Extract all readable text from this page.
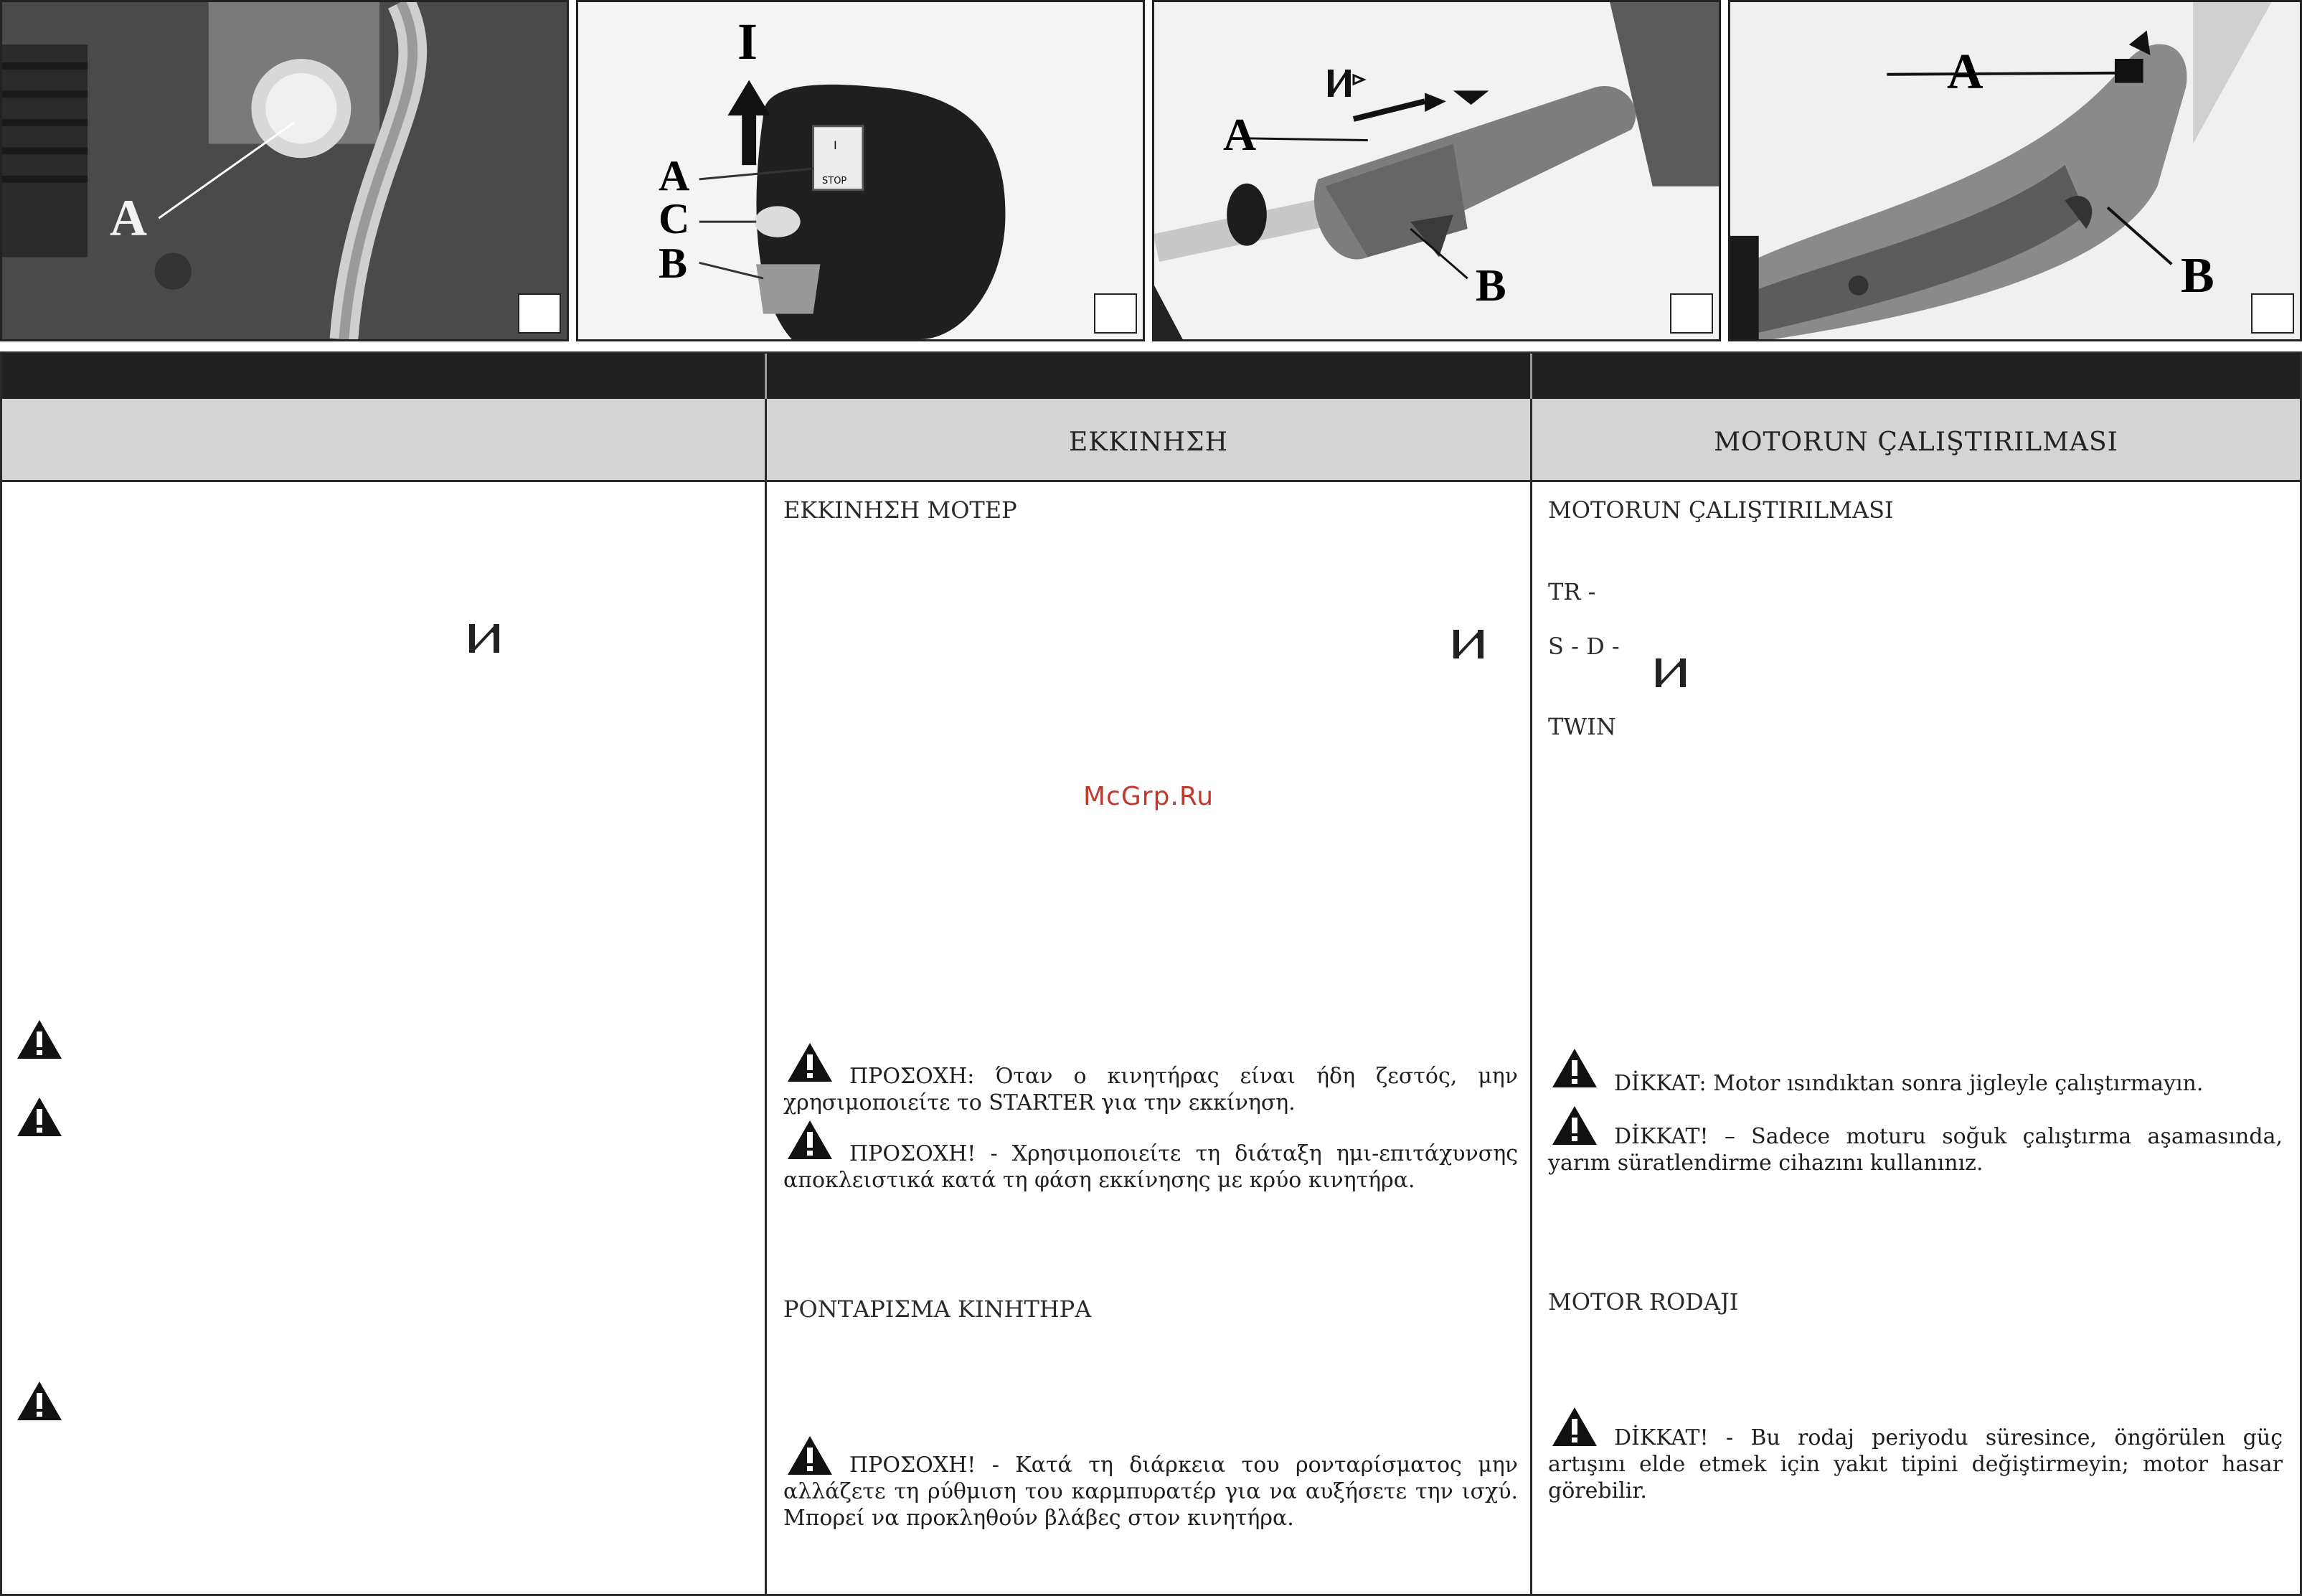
A
I
A
C
B
I
STOP
A
B
A
B
ΕΚΚΙΝΗΣΗ	MOTORUN ÇALIŞTIRILMASI
ΕΚΚΙΝΗΣΗ ΜΟΤΕΡ
McGrp.Ru
ΠΡΟΣΟΧΗ: Όταν ο κινητήρας είναι ήδη ζεστός, μην χρησιμοποιείτε το STARTER για την εκκίνηση.
ΠΡΟΣΟΧΗ! - Χρησιμοποιείτε τη διάταξη ημι-επιτάχυνσης αποκλειστικά κατά τη φάση εκκίνησης με κρύο κινητήρα.
ΡΟΝΤΑΡΙΣΜΑ ΚΙΝΗΤΗΡΑ
ΠΡΟΣΟΧΗ! - Κατά τη διάρκεια του ρονταρίσματος μην αλλάζετε τη ρύθμιση του καρμπυρατέρ για να αυξήσετε την ισχύ. Μπορεί να προκληθούν βλάβες στον κινητήρα.
MOTORUN ÇALIŞTIRILMASI
TR -
S - D -
TWIN
DİKKAT: Motor ısındıktan sonra jigleyle çalıştırmayın.
DİKKAT! – Sadece moturu soğuk çalıştırma aşamasında, yarım süratlendirme cihazını kullanınız.
MOTOR RODAJI
DİKKAT! - Bu rodaj periyodu süresince, öngörülen güç artışını elde etmek için yakıt tipini değiştirmeyin; motor hasar görebilir.
